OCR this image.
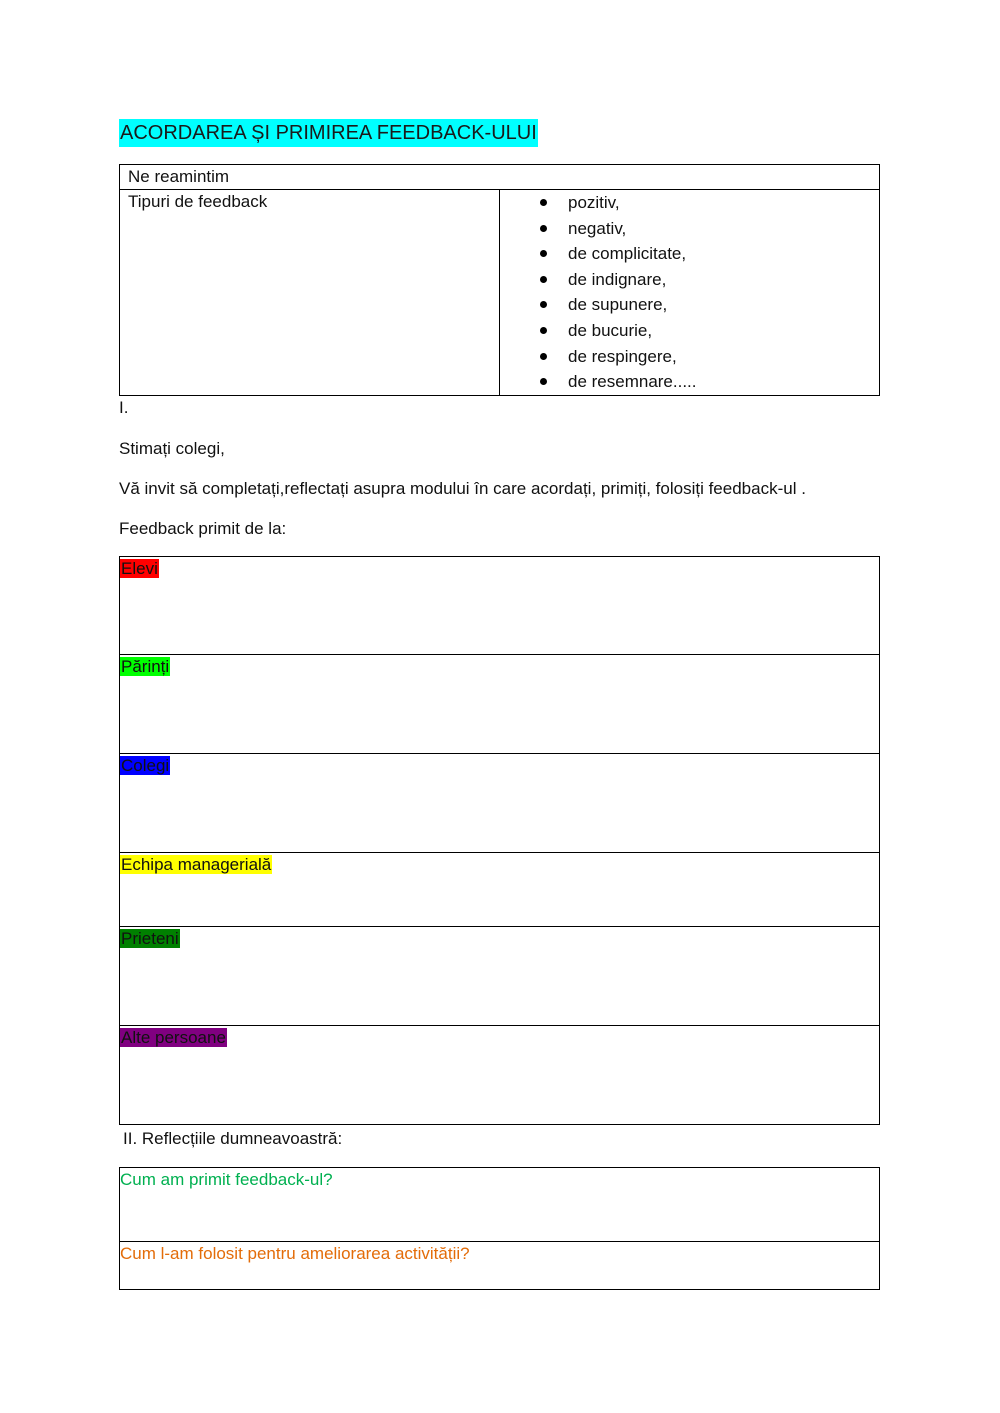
ACORDAREA ȘI PRIMIREA FEEDBACK-ULUI
Ne reamintim
Tipuri de feedback	pozitiv,
negativ,
de complicitate,
de indignare,
de supunere,
de bucurie,
de respingere,
de resemnare.....
I.
Stimați colegi,
Vă invit să completați,reflectați asupra modului în care acordați, primiți, folosiți feedback-ul .
Feedback primit de la:
Elevi
Părinți
Colegi
Echipa managerială
Prieteni
Alte persoane
II. Reflecțiile dumneavoastră:
Cum am primit feedback-ul?
Cum l-am folosit pentru ameliorarea activității?
